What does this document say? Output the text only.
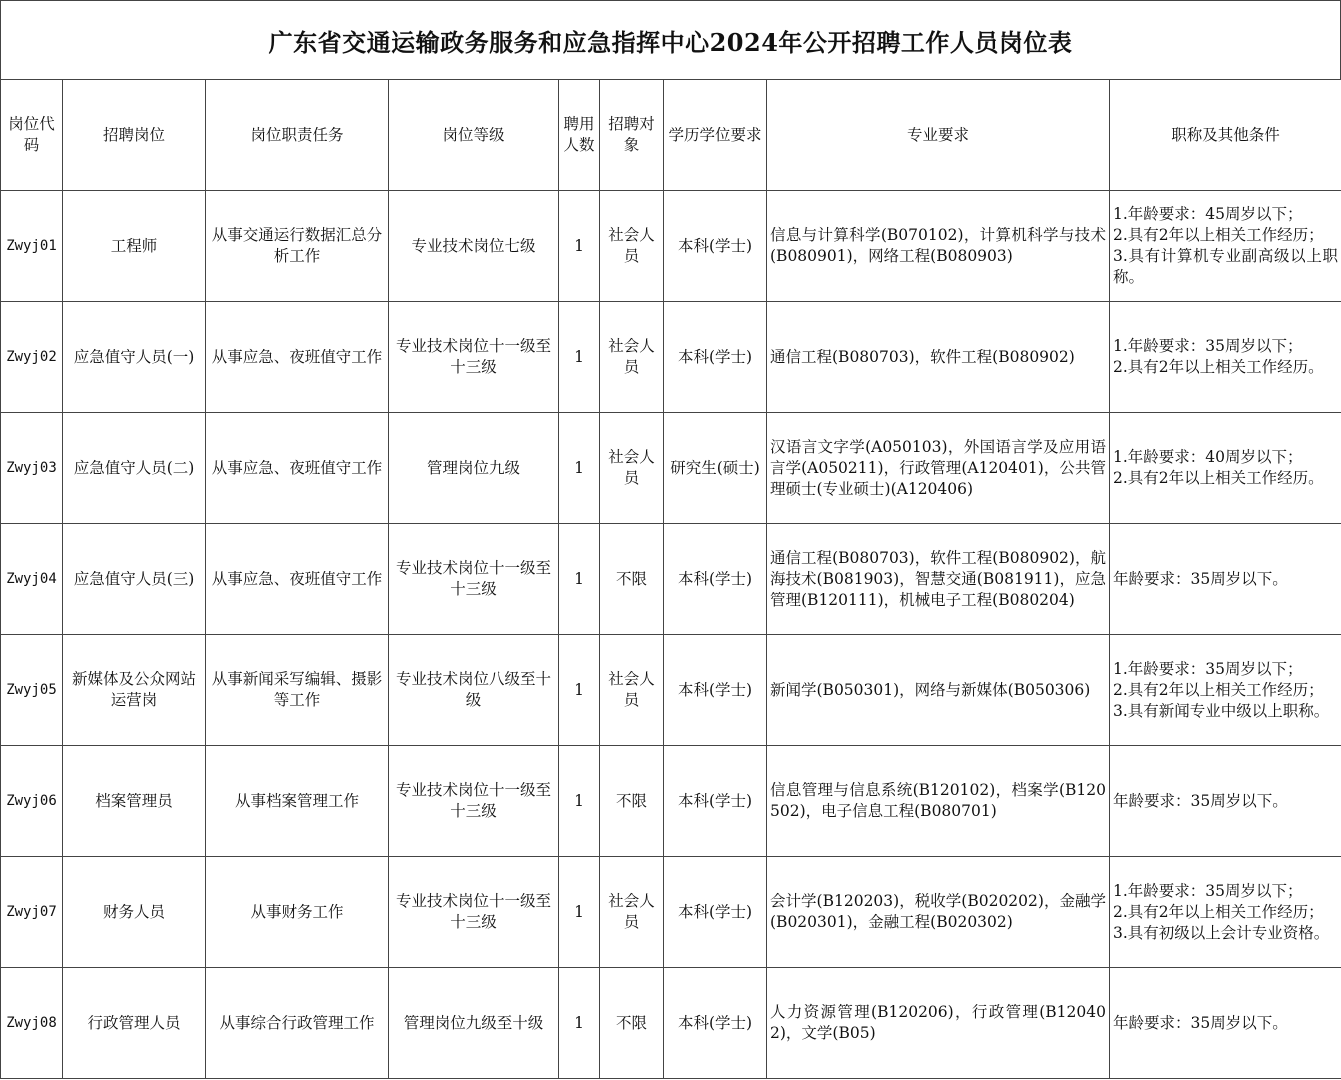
广东省交通运输政务服务和应急指挥中心2024年公开招聘工作人员岗位表
岗位代码	招聘岗位	岗位职责任务	岗位等级	聘用人数	招聘对象	学历学位要求	专业要求	职称及其他条件
Zwyj01	工程师	从事交通运行数据汇总分析工作	专业技术岗位七级	1	社会人员	本科(学士)	信息与计算科学(B070102)，计算机科学与技术(B080901)，网络工程(B080903)	1.年龄要求：45周岁以下；
2.具有2年以上相关工作经历；
3.具有计算机专业副高级以上职称。

Zwyj02	应急值守人员(一)	从事应急、夜班值守工作	专业技术岗位十一级至十三级	1	社会人员	本科(学士)	通信工程(B080703)，软件工程(B080902)	1.年龄要求：35周岁以下；
2.具有2年以上相关工作经历。

Zwyj03	应急值守人员(二)	从事应急、夜班值守工作	管理岗位九级	1	社会人员	研究生(硕士)	汉语言文字学(A050103)，外国语言学及应用语言学(A050211)，行政管理(A120401)，公共管理硕士(专业硕士)(A120406)	1.年龄要求：40周岁以下；
2.具有2年以上相关工作经历。

Zwyj04	应急值守人员(三)	从事应急、夜班值守工作	专业技术岗位十一级至十三级	1	不限	本科(学士)	通信工程(B080703)，软件工程(B080902)，航海技术(B081903)，智慧交通(B081911)，应急管理(B120111)，机械电子工程(B080204)	年龄要求：35周岁以下。

Zwyj05	新媒体及公众网站运营岗	从事新闻采写编辑、摄影等工作	专业技术岗位八级至十级	1	社会人员	本科(学士)	新闻学(B050301)，网络与新媒体(B050306)	1.年龄要求：35周岁以下；
2.具有2年以上相关工作经历；
3.具有新闻专业中级以上职称。

Zwyj06	档案管理员	从事档案管理工作	专业技术岗位十一级至十三级	1	不限	本科(学士)	信息管理与信息系统(B120102)，档案学(B120502)，电子信息工程(B080701)	年龄要求：35周岁以下。

Zwyj07	财务人员	从事财务工作	专业技术岗位十一级至十三级	1	社会人员	本科(学士)	会计学(B120203)，税收学(B020202)，金融学(B020301)，金融工程(B020302)	1.年龄要求：35周岁以下；
2.具有2年以上相关工作经历；
3.具有初级以上会计专业资格。

Zwyj08	行政管理人员	从事综合行政管理工作	管理岗位九级至十级	1	不限	本科(学士)	人力资源管理(B120206)，行政管理(B120402)，文学(B05)	年龄要求：35周岁以下。
